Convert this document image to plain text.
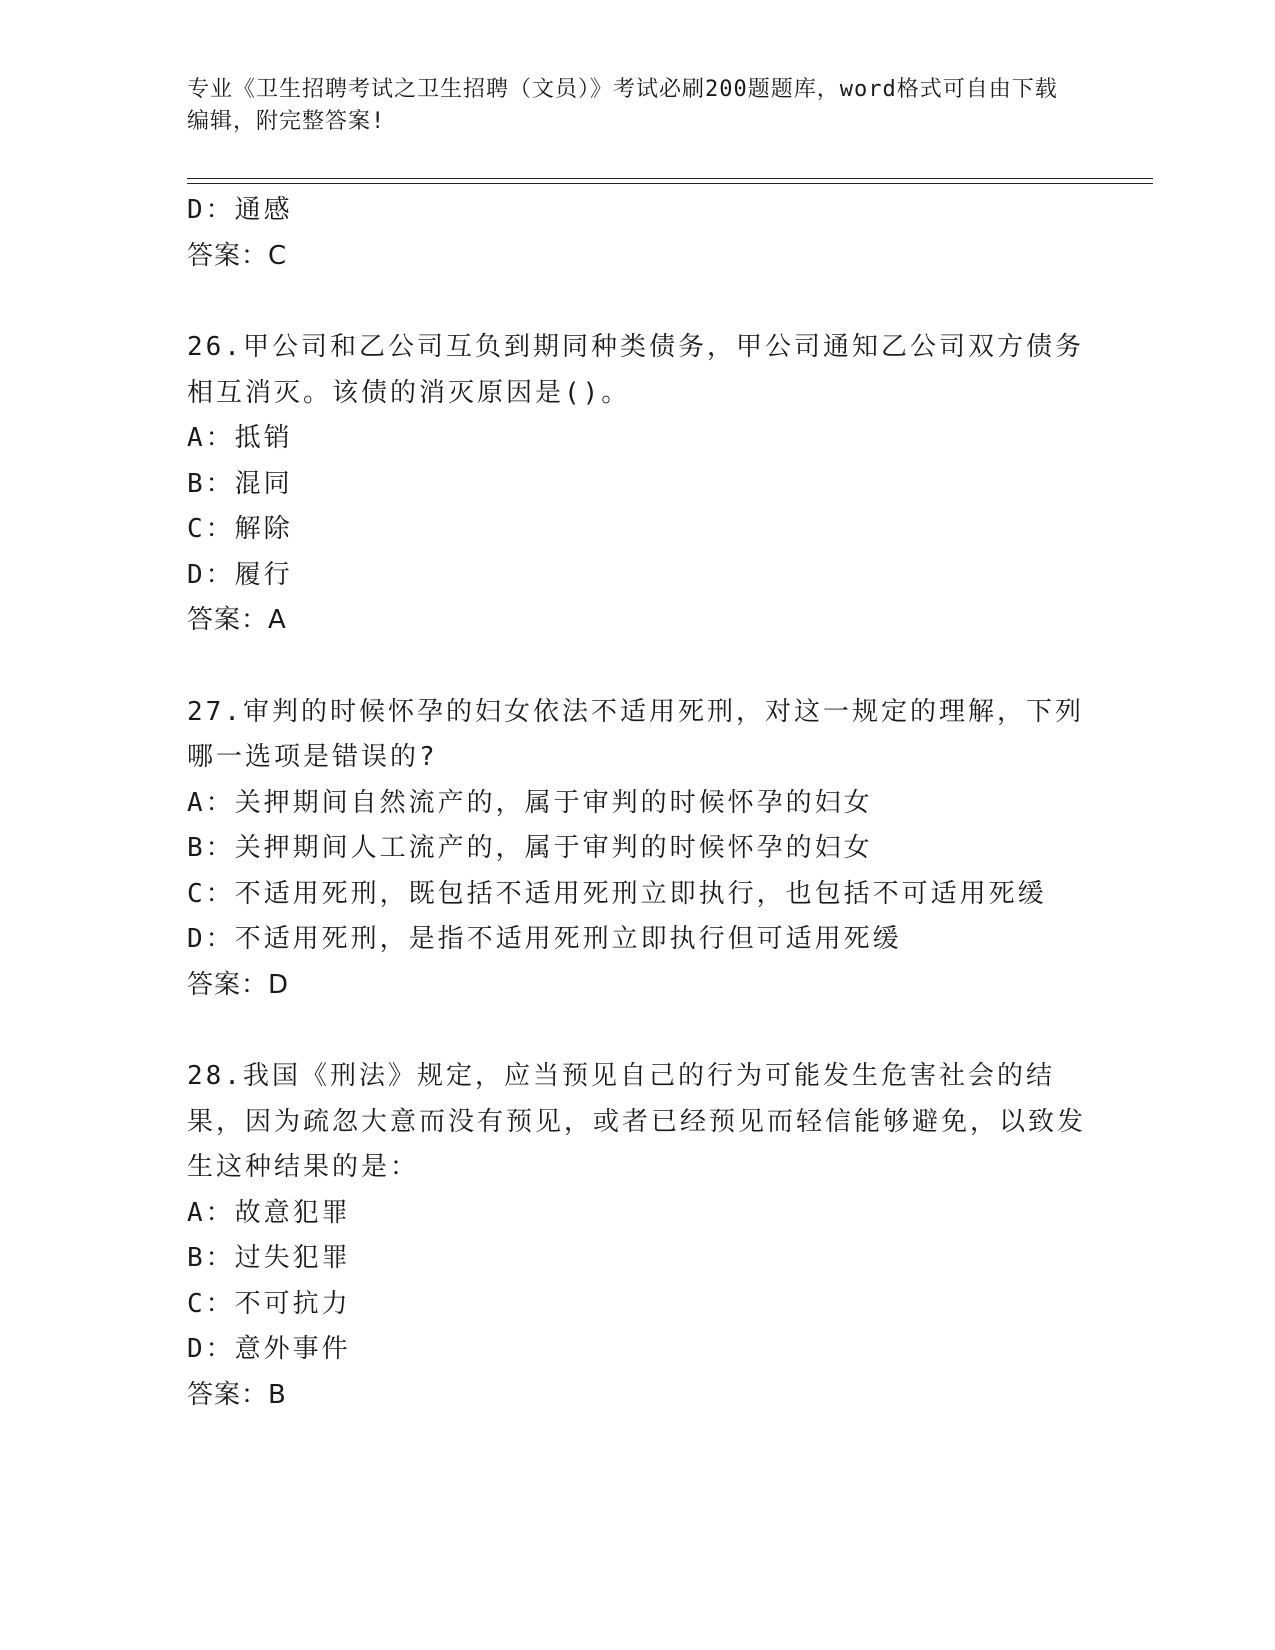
专业《卫生招聘考试之卫生招聘（文员）》考试必刷200题题库，word格式可自由下载编辑，附完整答案!
D：通感
答案：C
26.甲公司和乙公司互负到期同种类债务，甲公司通知乙公司双方债务相互消灭。该债的消灭原因是()。
A：抵销
B：混同
C：解除
D：履行
答案：A
27.审判的时候怀孕的妇女依法不适用死刑，对这一规定的理解，下列哪一选项是错误的?
A：关押期间自然流产的，属于审判的时候怀孕的妇女
B：关押期间人工流产的，属于审判的时候怀孕的妇女
C：不适用死刑，既包括不适用死刑立即执行，也包括不可适用死缓
D：不适用死刑，是指不适用死刑立即执行但可适用死缓
答案：D
28.我国《刑法》规定，应当预见自己的行为可能发生危害社会的结果，因为疏忽大意而没有预见，或者已经预见而轻信能够避免，以致发生这种结果的是：
A：故意犯罪
B：过失犯罪
C：不可抗力
D：意外事件
答案：B
